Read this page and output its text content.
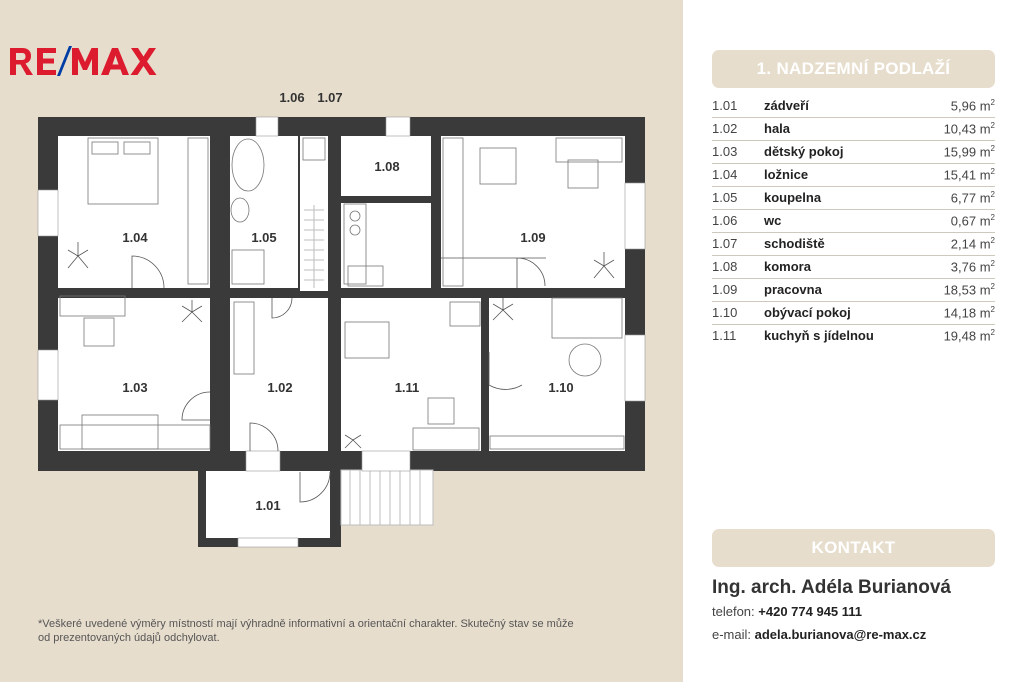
1.06 1.07
1.04
1.03
1.05
1.02
1.08
1.09
1.11	1.10
1.01
*Veškeré uvedené výměry místností mají výhradně informativní a orientační charakter. Skutečný stav se může
od prezentovaných údajů odchylovat.
1. NADZEMNÍ PODLAŽÍ
1.01 zádveří	5,96 $m^2$
1.02 hala	10,43 $m^2$
1.03 dětský pokoj	15,99 $m^2$
1.04 ložnice	15,41 $m^2$
1.05 koupelna	6,77 $m^2$
1.06 wc	0,67 $m^2$
1.07 schodiště	2,14 $m^2$
1.08 komora	3,76 $m^2$
1.09 pracovna	18,53 $m^2$
1.10 obývací pokoj	14,18 $m^2$
1.11 kuchyň s jídelnou	19,48 $m^2$
KONTAKT
Ing. arch. Adéla Burianová
telefon: +420 774 945 111
e-mail: adela.burianova@re-max.cz
